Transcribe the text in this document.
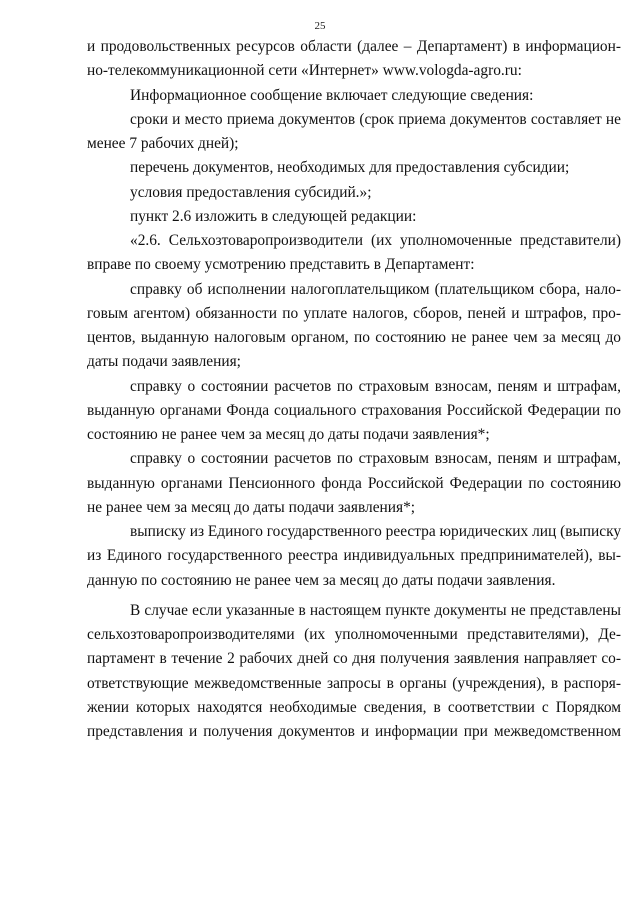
25
и продовольственных ресурсов области (далее – Департамент) в информацион-
но-телекоммуникационной сети «Интернет» www.vologda-agro.ru:
Информационное сообщение включает следующие сведения:
сроки и место приема документов (срок приема документов составляет не
менее 7 рабочих дней);
перечень документов, необходимых для предоставления субсидии;
условия предоставления субсидий.»;
пункт 2.6 изложить в следующей редакции:
«2.6. Сельхозтоваропроизводители (их уполномоченные представители)
вправе по своему усмотрению представить в Департамент:
справку об исполнении налогоплательщиком (плательщиком сбора, нало-
говым агентом) обязанности по уплате налогов, сборов, пеней и штрафов, про-
центов, выданную налоговым органом, по состоянию не ранее чем за месяц до
даты подачи заявления;
справку о состоянии расчетов по страховым взносам, пеням и штрафам,
выданную органами Фонда социального страхования Российской Федерации по
состоянию не ранее чем за месяц до даты подачи заявления*;
справку о состоянии расчетов по страховым взносам, пеням и штрафам,
выданную органами Пенсионного фонда Российской Федерации по состоянию
не ранее чем за месяц до даты подачи заявления*;
выписку из Единого государственного реестра юридических лиц (выписку
из Единого государственного реестра индивидуальных предпринимателей), вы-
данную по состоянию не ранее чем за месяц до даты подачи заявления.
В случае если указанные в настоящем пункте документы не представлены
сельхозтоваропроизводителями (их уполномоченными представителями), Де-
партамент в течение 2 рабочих дней со дня получения заявления направляет со-
ответствующие межведомственные запросы в органы (учреждения), в распоря-
жении которых находятся необходимые сведения, в соответствии с Порядком
представления и получения документов и информации при межведомственном
